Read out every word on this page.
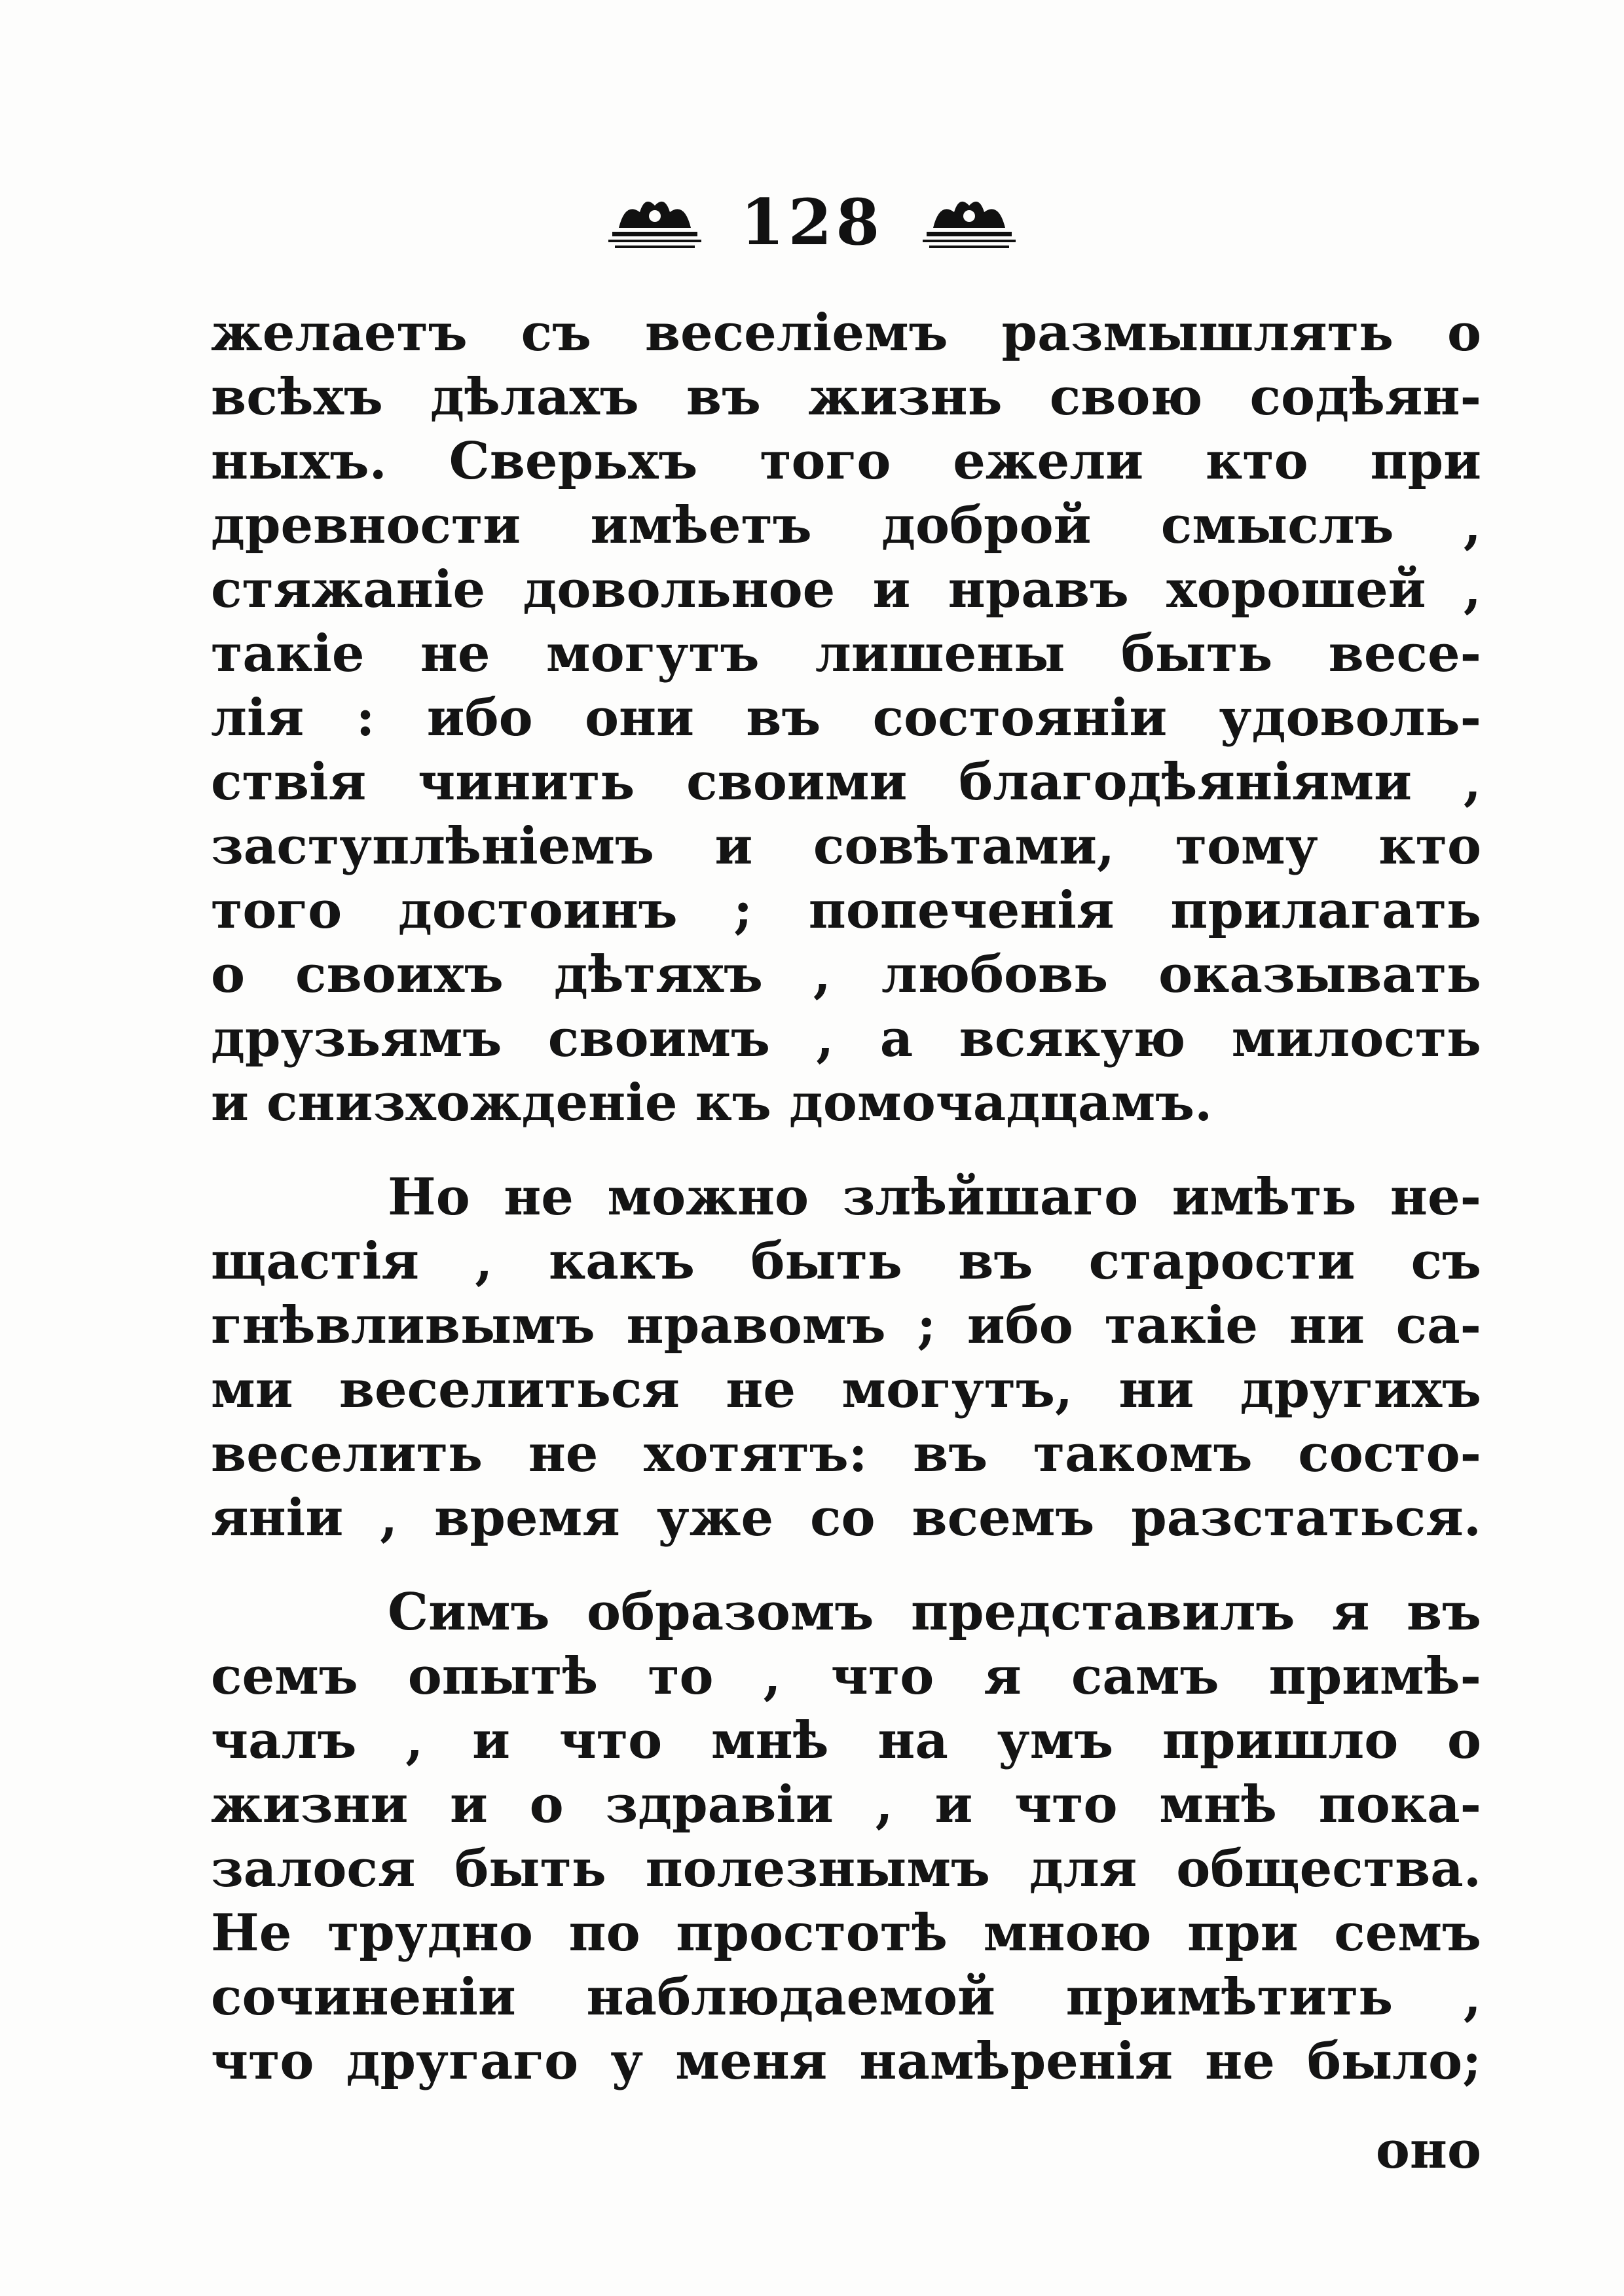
128
желаетъ съ веселіемъ размышлять о
всѣхъ дѣлахъ въ жизнь свою содѣян-
ныхъ. Сверьхъ того ежели кто при
древности имѣетъ доброй смыслъ ,
стяжаніе довольное и нравъ хорошей ,
такіе не могутъ лишены быть весе-
лія : ибо они въ состояніи удоволь-
ствія чинить своими благодѣяніями ,
заступлѣніемъ и совѣтами, тому кто
того достоинъ ; попеченія прилагать
о своихъ дѣтяхъ , любовь оказывать
друзьямъ своимъ , а всякую милость
и снизхожденіе къ домочадцамъ.
Но не можно злѣйшаго имѣть не-
щастія , какъ быть въ старости съ
гнѣвливымъ нравомъ ; ибо такіе ни са-
ми веселиться не могутъ, ни другихъ
веселить не хотятъ: въ такомъ состо-
яніи , время уже со всемъ разстаться.
Симъ образомъ представилъ я въ
семъ опытѣ то , что я самъ примѣ-
чалъ , и что мнѣ на умъ пришло о
жизни и о здравіи , и что мнѣ пока-
залося быть полезнымъ для общества.
Не трудно по простотѣ мною при семъ
сочиненіи наблюдаемой примѣтить ,
что другаго у меня намѣренія не было;
оно
